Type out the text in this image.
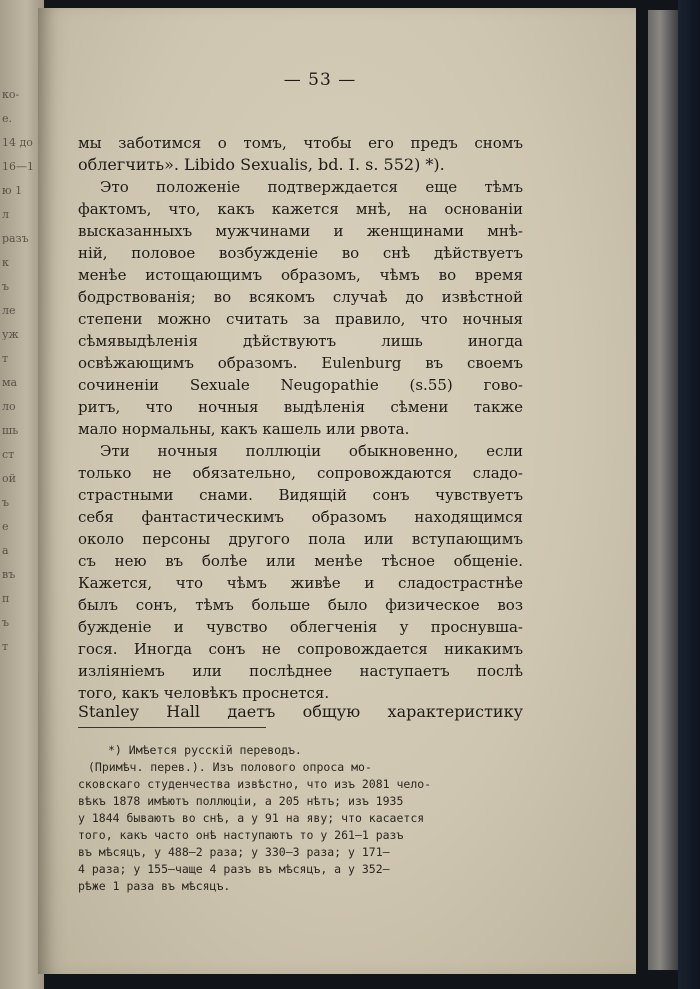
ко-
e.
14 до
16—1
ю 1
л
разъ
к
ъ
ле
уж
т
ма
ло
шь
ст
ой
ъ
е
а
въ
п
ъ
т
— 53 —
мы заботимся о томъ, чтобы его предъ сномъ
облегчить». Libido Sexualis, bd. I. s. 552) *).
Это положенiе подтверждается еще тѣмъ
фактомъ, что, какъ кажется мнѣ, на основанiи
высказанныхъ мужчинами и женщинами мнѣ-
нiй, половое возбужденiе во снѣ дѣйствуетъ
менѣе истощающимъ образомъ, чѣмъ во время
бодрствованiя; во всякомъ случаѣ до извѣстной
степени можно считать за правило, что ночныя
сѣмявыдѣленiя дѣйствуютъ лишь иногда
освѣжающимъ образомъ. Eulenburg въ своемъ
сочиненiи Sexuale Neugopathie (s.55) гово-
ритъ, что ночныя выдѣленiя сѣмени также
мало нормальны, какъ кашель или рвота.
Эти ночныя поллюцiи обыкновенно, если
только не обязательно, сопровождаются сладо-
страстными снами. Видящiй сонъ чувствуетъ
себя фантастическимъ образомъ находящимся
около персоны другого пола или вступающимъ
съ нею въ болѣе или менѣе тѣсное общенiе.
Кажется, что чѣмъ живѣе и сладострастнѣе
былъ сонъ, тѣмъ больше было физическое воз
бужденiе и чувство облегченiя у проснувша-
гося. Иногда сонъ не сопровождается никакимъ
изліянiемъ или послѣднее наступаетъ послѣ
того, какъ человѣкъ проснется.
Stanley Hall даетъ общую характеристику
*) Имѣется русскiй переводъ.
(Примѣч. перев.). Изъ полового опроса мо-
сковскаго студенчества извѣстно, что изъ 2081 чело-
вѣкъ 1878 имѣютъ поллюцiи, а 205 нѣтъ; изъ 1935
у 1844 бываютъ во снѣ, а у 91 на яву; что касается
того, какъ часто онѣ наступаютъ то у 261—1 разъ
въ мѣсяцъ, у 488—2 раза; у 330—3 раза; у 171—
4 раза; у 155—чаще 4 разъ въ мѣсяцъ, а у 352—
рѣже 1 раза въ мѣсяцъ.
